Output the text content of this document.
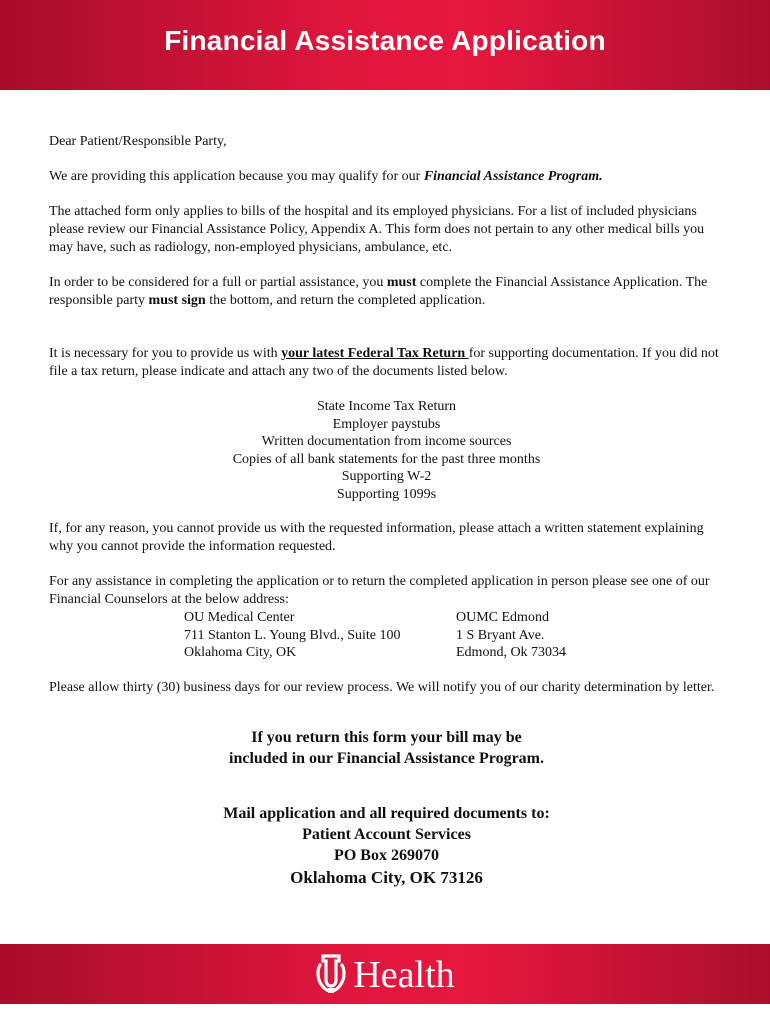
Financial Assistance Application

Dear Patient/Responsible Party,

We are providing this application because you may qualify for our Financial Assistance Program.

The attached form only applies to bills of the hospital and its employed physicians. For a list of included physicians please review our Financial Assistance Policy, Appendix A. This form does not pertain to any other medical bills you may have, such as radiology, non-employed physicians, ambulance, etc.

In order to be considered for a full or partial assistance, you must complete the Financial Assistance Application. The responsible party must sign the bottom, and return the completed application.

It is necessary for you to provide us with your latest Federal Tax Return for supporting documentation. If you did not file a tax return, please indicate and attach any two of the documents listed below.

State Income Tax Return
Employer paystubs
Written documentation from income sources
Copies of all bank statements for the past three months
Supporting W-2
Supporting 1099s

If, for any reason, you cannot provide us with the requested information, please attach a written statement explaining why you cannot provide the information requested.

For any assistance in completing the application or to return the completed application in person please see one of our Financial Counselors at the below address:

OU Medical Center
711 Stanton L. Young Blvd., Suite 100
Oklahoma City, OK
OUMC Edmond
1 S Bryant Ave.
Edmond, Ok 73034

Please allow thirty (30) business days for our review process. We will notify you of our charity determination by letter.

If you return this form your bill may be
included in our Financial Assistance Program.
Mail application and all required documents to:
Patient Account Services
PO Box 269070
Oklahoma City, OK 73126
Health
